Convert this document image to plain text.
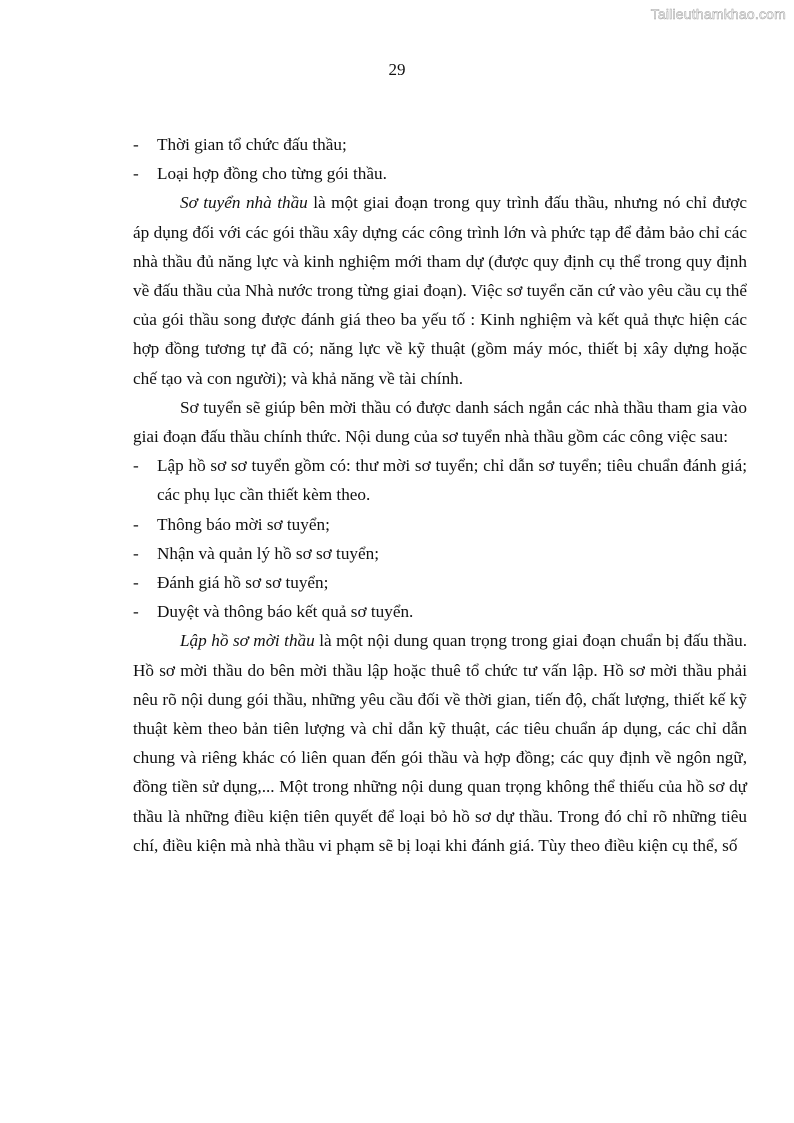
Tailieuthamkhao.com
29
- Thời gian tổ chức đấu thầu;
- Loại hợp đồng cho từng gói thầu.

Sơ tuyển nhà thầu là một giai đoạn trong quy trình đấu thầu, nhưng nó chỉ được áp dụng đối với các gói thầu xây dựng các công trình lớn và phức tạp để đảm bảo chỉ các nhà thầu đủ năng lực và kinh nghiệm mới tham dự (được quy định cụ thể trong quy định về đấu thầu của Nhà nước trong từng giai đoạn). Việc sơ tuyển căn cứ vào yêu cầu cụ thể của gói thầu song được đánh giá theo ba yếu tố : Kinh nghiệm và kết quả thực hiện các hợp đồng tương tự đã có; năng lực về kỹ thuật (gồm máy móc, thiết bị xây dựng hoặc chế tạo và con người); và khả năng về tài chính.

Sơ tuyển sẽ giúp bên mời thầu có được danh sách ngắn các nhà thầu tham gia vào giai đoạn đấu thầu chính thức. Nội dung của sơ tuyển nhà thầu gồm các công việc sau:

- Lập hồ sơ sơ tuyển gồm có: thư mời sơ tuyển; chỉ dẫn sơ tuyển; tiêu chuẩn đánh giá; các phụ lục cần thiết kèm theo.
- Thông báo mời sơ tuyển;
- Nhận và quản lý hồ sơ sơ tuyển;
- Đánh giá hồ sơ sơ tuyển;
- Duyệt và thông báo kết quả sơ tuyển.

Lập hồ sơ mời thầu là một nội dung quan trọng trong giai đoạn chuẩn bị đấu thầu. Hồ sơ mời thầu do bên mời thầu lập hoặc thuê tổ chức tư vấn lập. Hồ sơ mời thầu phải nêu rõ nội dung gói thầu, những yêu cầu đối về thời gian, tiến độ, chất lượng, thiết kế kỹ thuật kèm theo bản tiên lượng và chỉ dẫn kỹ thuật, các tiêu chuẩn áp dụng, các chỉ dẫn chung và riêng khác có liên quan đến gói thầu và hợp đồng; các quy định về ngôn ngữ, đồng tiền sử dụng,... Một trong những nội dung quan trọng không thể thiếu của hồ sơ dự thầu là những điều kiện tiên quyết để loại bỏ hồ sơ dự thầu. Trong đó chỉ rõ những tiêu chí, điều kiện mà nhà thầu vi phạm sẽ bị loại khi đánh giá. Tùy theo điều kiện cụ thể, số
